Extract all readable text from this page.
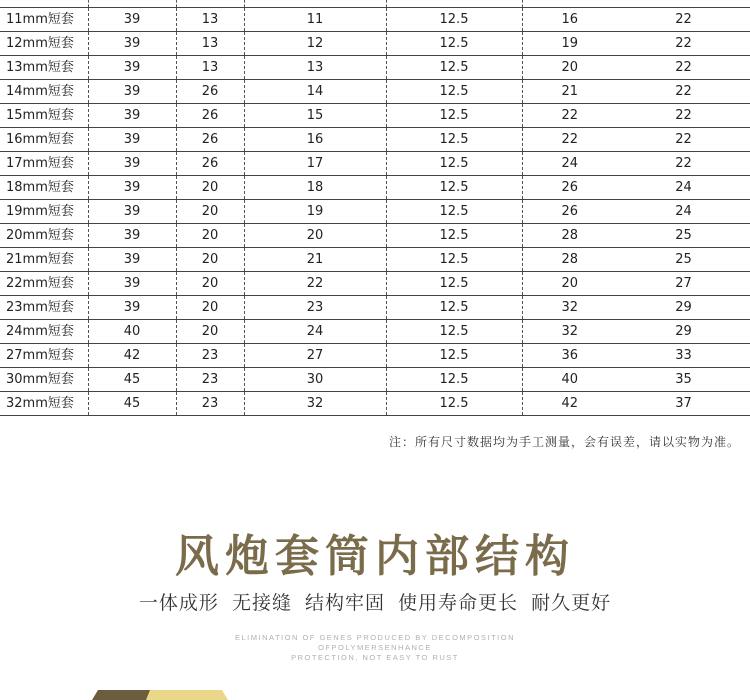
11mm短套	39	13	11	12.5	16	22
12mm短套	39	13	12	12.5	19	22
13mm短套	39	13	13	12.5	20	22
14mm短套	39	26	14	12.5	21	22
15mm短套	39	26	15	12.5	22	22
16mm短套	39	26	16	12.5	22	22
17mm短套	39	26	17	12.5	24	22
18mm短套	39	20	18	12.5	26	24
19mm短套	39	20	19	12.5	26	24
20mm短套	39	20	20	12.5	28	25
21mm短套	39	20	21	12.5	28	25
22mm短套	39	20	22	12.5	20	27
23mm短套	39	20	23	12.5	32	29
24mm短套	40	20	24	12.5	32	29
27mm短套	42	23	27	12.5	36	33
30mm短套	45	23	30	12.5	40	35
32mm短套	45	23	32	12.5	42	37
注：所有尺寸数据均为手工测量，会有误差，请以实物为准。
风炮套筒内部结构
一体成形 无接缝 结构牢固 使用寿命更长 耐久更好
ELIMINATION OF GENES PRODUCED BY DECOMPOSITION
OFPOLYMERSENHANCE
PROTECTION, NOT EASY TO RUST
